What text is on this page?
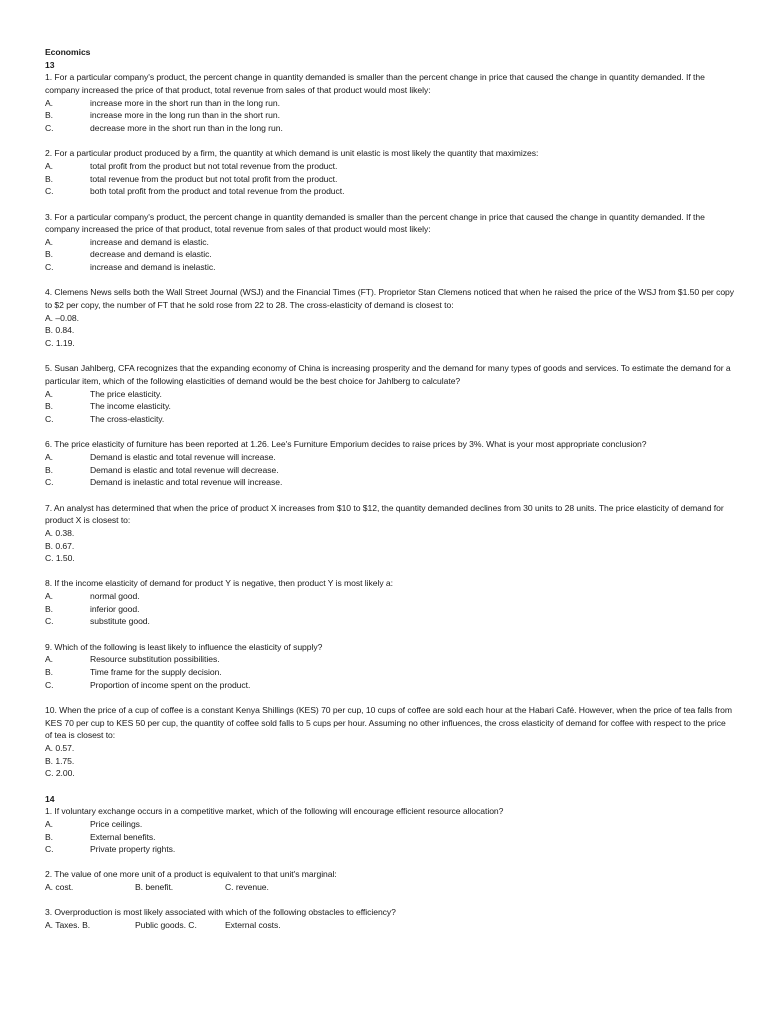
Economics
13
1. For a particular company's product, the percent change in quantity demanded is smaller than the percent change in price that caused the change in quantity demanded. If the company increased the price of that product, total revenue from sales of that product would most likely:
A.	increase more in the short run than in the long run.
B.	increase more in the long run than in the short run.
C.	decrease more in the short run than in the long run.
2. For a particular product produced by a firm, the quantity at which demand is unit elastic is most likely the quantity that maximizes:
A.	total profit from the product but not total revenue from the product.
B.	total revenue from the product but not total profit from the product.
C.	both total profit from the product and total revenue from the product.
3. For a particular company's product, the percent change in quantity demanded is smaller than the percent change in price that caused the change in quantity demanded. If the company increased the price of that product, total revenue from sales of that product would most likely:
A.	increase and demand is elastic.
B.	decrease and demand is elastic.
C.	increase and demand is inelastic.
4. Clemens News sells both the Wall Street Journal (WSJ) and the Financial Times (FT). Proprietor Stan Clemens noticed that when he raised the price of the WSJ from $1.50 per copy to $2 per copy, the number of FT that he sold rose from 22 to 28. The cross-elasticity of demand is closest to:
A. –0.08.
B. 0.84.
C. 1.19.
5. Susan Jahlberg, CFA recognizes that the expanding economy of China is increasing prosperity and the demand for many types of goods and services. To estimate the demand for a particular item, which of the following elasticities of demand would be the best choice for Jahlberg to calculate?
A.	The price elasticity.
B.	The income elasticity.
C.	The cross-elasticity.
6. The price elasticity of furniture has been reported at 1.26. Lee's Furniture Emporium decides to raise prices by 3%. What is your most appropriate conclusion?
A.	Demand is elastic and total revenue will increase.
B.	Demand is elastic and total revenue will decrease.
C.	Demand is inelastic and total revenue will increase.
7. An analyst has determined that when the price of product X increases from $10 to $12, the quantity demanded declines from 30 units to 28 units. The price elasticity of demand for product X is closest to:
A. 0.38.
B. 0.67.
C. 1.50.
8. If the income elasticity of demand for product Y is negative, then product Y is most likely a:
A.	normal good.
B.	inferior good.
C.	substitute good.
9. Which of the following is least likely to influence the elasticity of supply?
A.	Resource substitution possibilities.
B.	Time frame for the supply decision.
C.	Proportion of income spent on the product.
10. When the price of a cup of coffee is a constant Kenya Shillings (KES) 70 per cup, 10 cups of coffee are sold each hour at the Habari Café. However, when the price of tea falls from KES 70 per cup to KES 50 per cup, the quantity of coffee sold falls to 5 cups per hour. Assuming no other influences, the cross elasticity of demand for coffee with respect to the price of tea is closest to:
A. 0.57.
B. 1.75.
C. 2.00.
14
1. If voluntary exchange occurs in a competitive market, which of the following will encourage efficient resource allocation?
A.	Price ceilings.
B.	External benefits.
C.	Private property rights.
2. The value of one more unit of a product is equivalent to that unit's marginal:
A. cost.	B. benefit.	C. revenue.
3. Overproduction is most likely associated with which of the following obstacles to efficiency?
A. Taxes. B.	Public goods. C.	External costs.
